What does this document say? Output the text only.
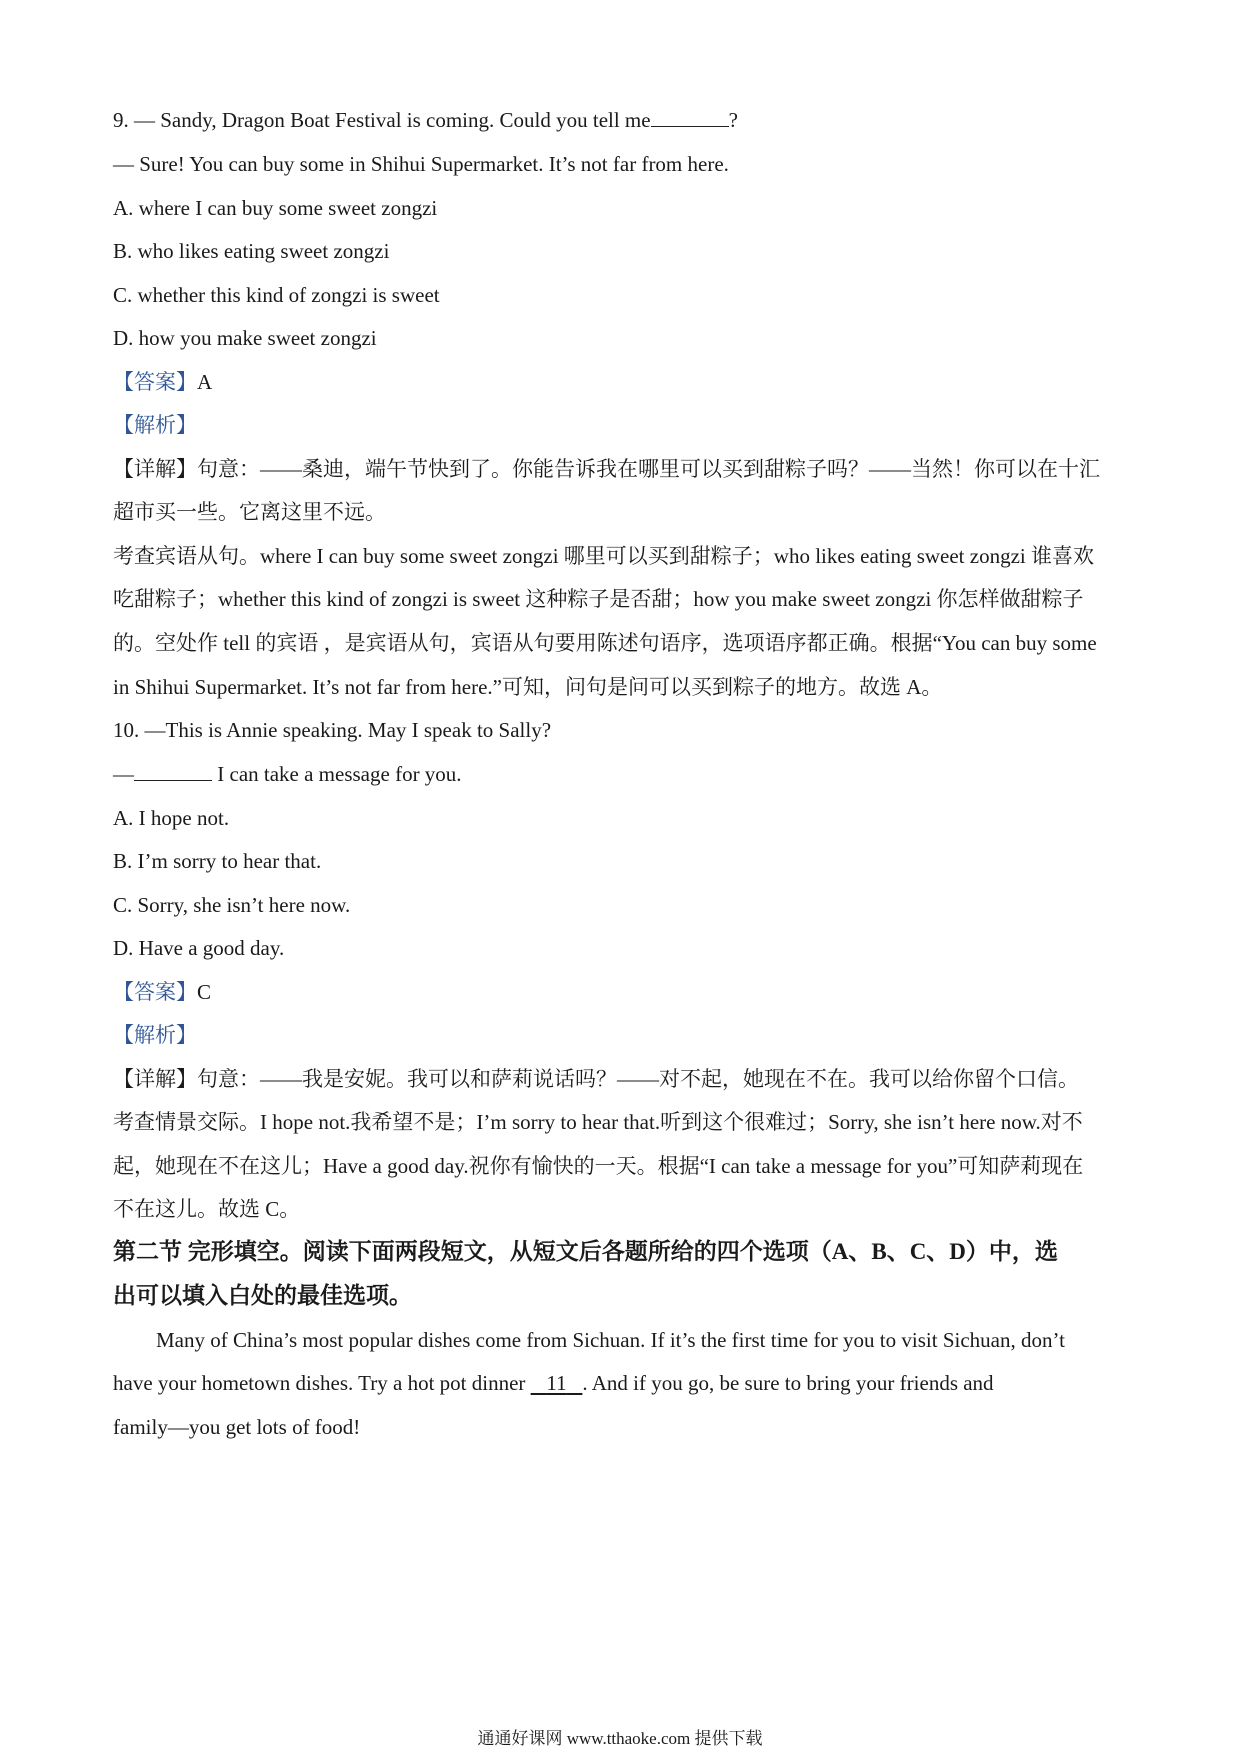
9. — Sandy, Dragon Boat Festival is coming. Could you tell me	?
— Sure! You can buy some in Shihui Supermarket. It’s not far from here.
A. where I can buy some sweet zongzi
B. who likes eating sweet zongzi
C. whether this kind of zongzi is sweet
D. how you make sweet zongzi
【答案】A
【解析】
【详解】句意：——桑迪，端午节快到了。你能告诉我在哪里可以买到甜粽子吗？——当然！你可以在十汇
超市买一些。它离这里不远。
考查宾语从句。where I can buy some sweet zongzi 哪里可以买到甜粽子；who likes eating sweet zongzi 谁喜欢
吃甜粽子；whether this kind of zongzi is sweet 这种粽子是否甜；how you make sweet zongzi 你怎样做甜粽子
的。空处作 tell 的宾语 ，是宾语从句，宾语从句要用陈述句语序，选项语序都正确。根据“You can buy some
in Shihui Supermarket. It’s not far from here.”可知，问句是问可以买到粽子的地方。故选 A。
10. —This is Annie speaking. May I speak to Sally?
—	I can take a message for you.
A. I hope not.
B. I’m sorry to hear that.
C. Sorry, she isn’t here now.
D. Have a good day.
【答案】C
【解析】
【详解】句意：——我是安妮。我可以和萨莉说话吗？——对不起，她现在不在。我可以给你留个口信。
考查情景交际。I hope not.我希望不是；I’m sorry to hear that.听到这个很难过；Sorry, she isn’t here now.对不
起，她现在不在这儿；Have a good day.祝你有愉快的一天。根据“I can take a message for you”可知萨莉现在
不在这儿。故选 C。
第二节 完形填空。阅读下面两段短文，从短文后各题所给的四个选项（A、B、C、D）中，选
出可以填入白处的最佳选项。
Many of China’s most popular dishes come from Sichuan. If it’s the first time for you to visit Sichuan, don’t
have your hometown dishes. Try a hot pot dinner    11 . And if you go, be sure to bring your friends and
family—you get lots of food!
通通好课网 www.tthaoke.com 提供下载
